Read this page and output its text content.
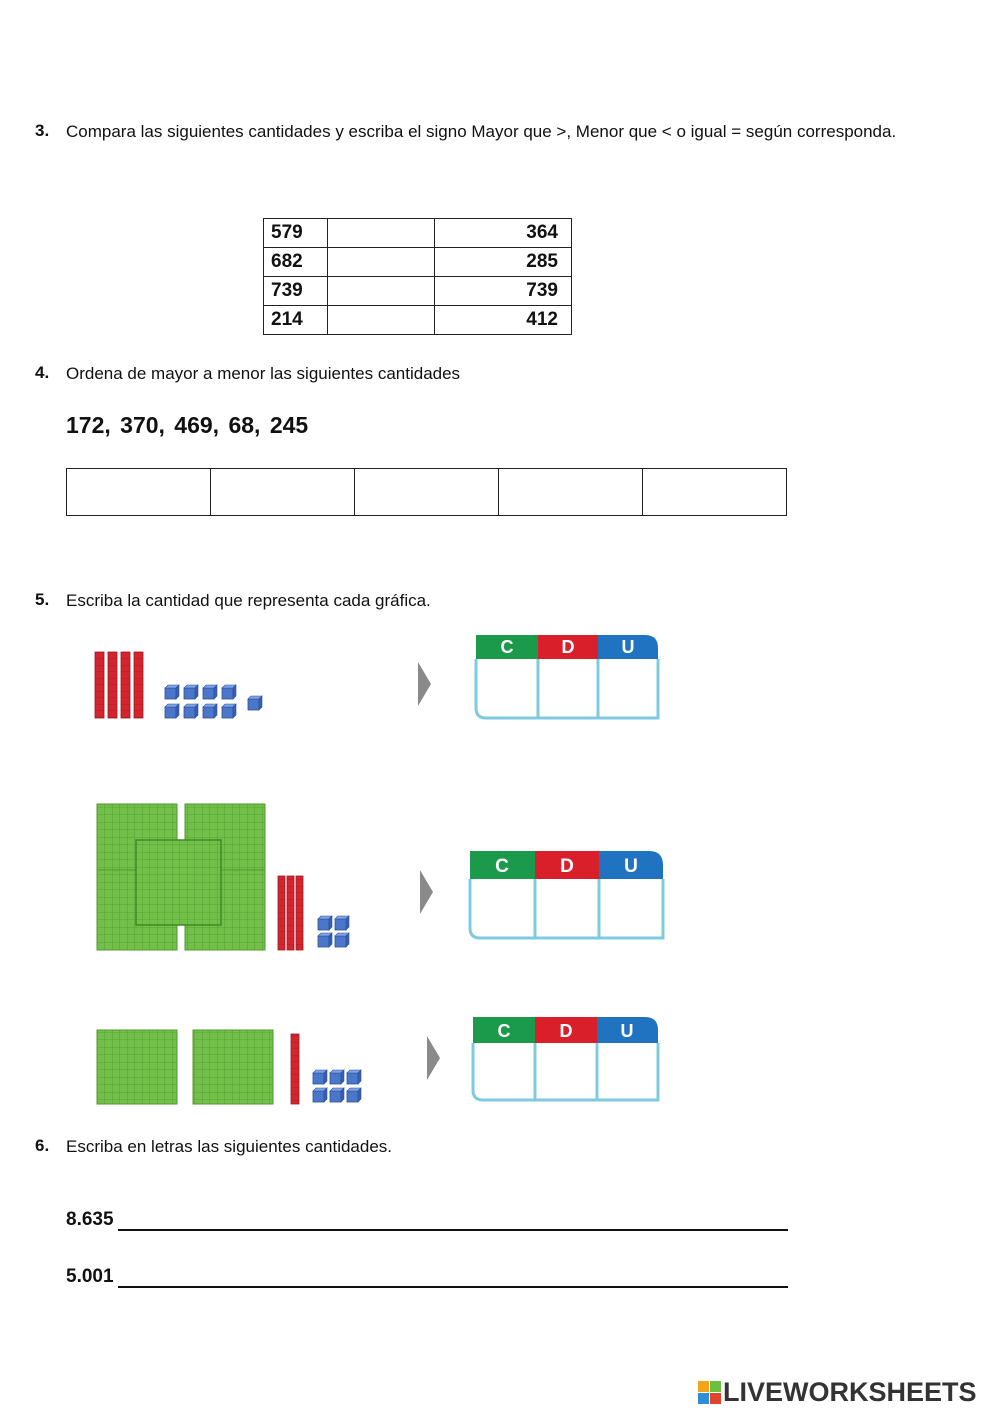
3. Compara las siguientes cantidades y escriba el signo Mayor que >, Menor que < o igual = según corresponda.
579		364
682		285
739		739
214		412
4. Ordena de mayor a menor las siguientes cantidades
172, 370, 469, 68, 245

5. Escriba la cantidad que representa cada gráfica.
C	D	U
C	D	U
C	D	U
6. Escriba en letras las siguientes cantidades.
8.635
5.001
LIVEWORKSHEETS
